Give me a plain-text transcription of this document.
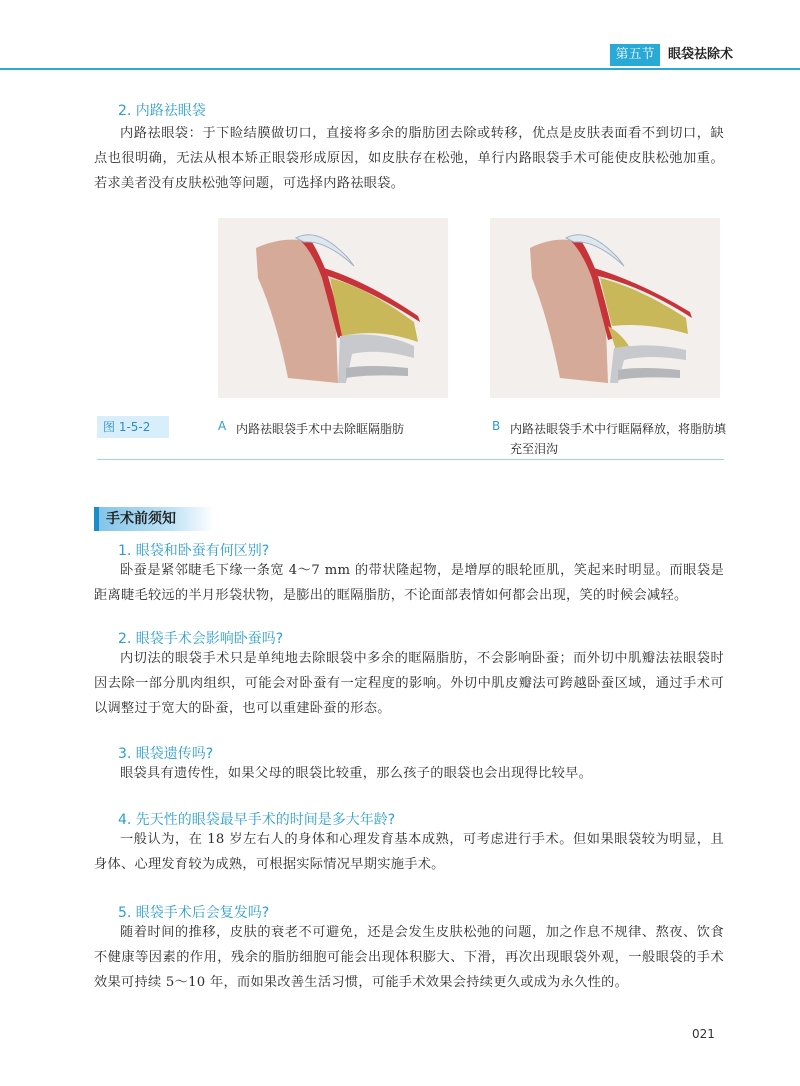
第五节	眼袋祛除术
2. 内路祛眼袋
内路祛眼袋：于下睑结膜做切口，直接将多余的脂肪团去除或转移，优点是皮肤表面看不到切口，缺点也很明确，无法从根本矫正眼袋形成原因，如皮肤存在松弛，单行内路眼袋手术可能使皮肤松弛加重。若求美者没有皮肤松弛等问题，可选择内路祛眼袋。
图 1-5-2	A 内路祛眼袋手术中去除眶隔脂肪	B 内路祛眼袋手术中行眶隔释放，将脂肪填充至泪沟
手术前须知
1. 眼袋和卧蚕有何区别?
卧蚕是紧邻睫毛下缘一条宽 4～7 mm 的带状隆起物，是增厚的眼轮匝肌，笑起来时明显。而眼袋是距离睫毛较远的半月形袋状物，是膨出的眶隔脂肪，不论面部表情如何都会出现，笑的时候会减轻。
2. 眼袋手术会影响卧蚕吗?
内切法的眼袋手术只是单纯地去除眼袋中多余的眶隔脂肪，不会影响卧蚕；而外切中肌瓣法祛眼袋时因去除一部分肌肉组织，可能会对卧蚕有一定程度的影响。外切中肌皮瓣法可跨越卧蚕区域，通过手术可以调整过于宽大的卧蚕，也可以重建卧蚕的形态。
3. 眼袋遗传吗?
眼袋具有遗传性，如果父母的眼袋比较重，那么孩子的眼袋也会出现得比较早。
4. 先天性的眼袋最早手术的时间是多大年龄?
一般认为，在 18 岁左右人的身体和心理发育基本成熟，可考虑进行手术。但如果眼袋较为明显，且身体、心理发育较为成熟，可根据实际情况早期实施手术。
5. 眼袋手术后会复发吗?
随着时间的推移，皮肤的衰老不可避免，还是会发生皮肤松弛的问题，加之作息不规律、熬夜、饮食不健康等因素的作用，残余的脂肪细胞可能会出现体积膨大、下滑，再次出现眼袋外观，一般眼袋的手术效果可持续 5～10 年，而如果改善生活习惯，可能手术效果会持续更久或成为永久性的。
021
